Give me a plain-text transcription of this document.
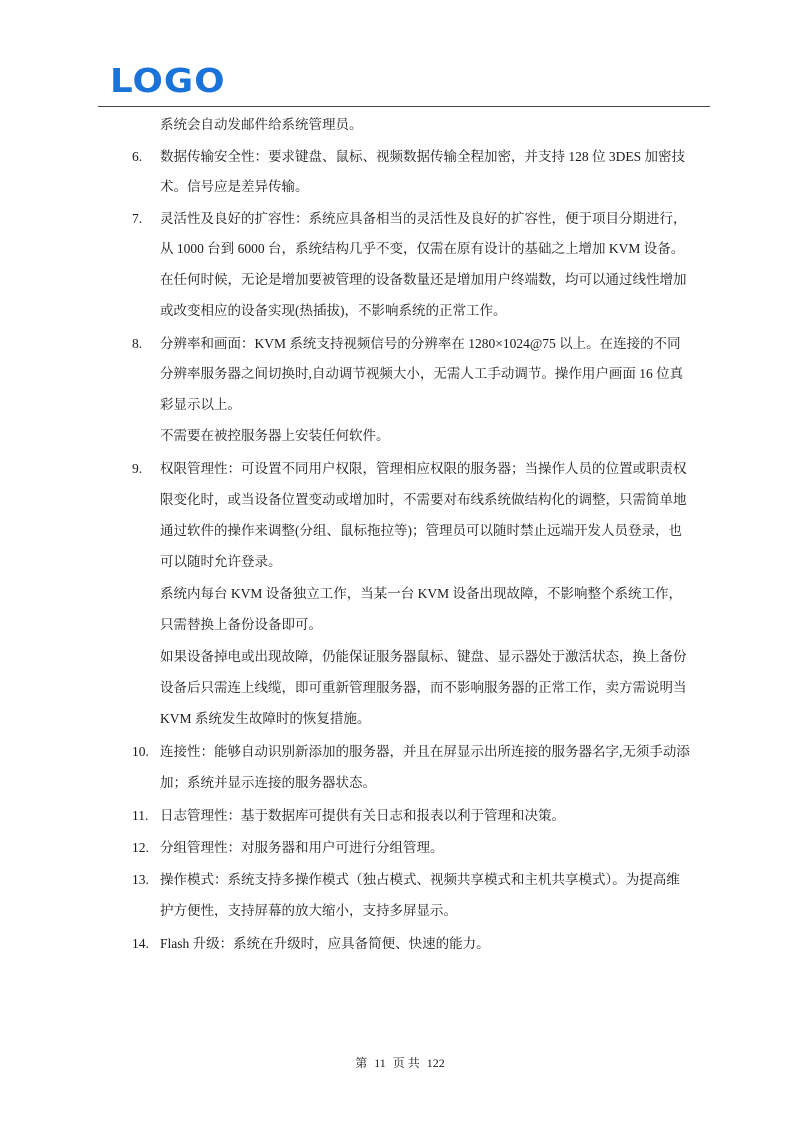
LOGO
系统会自动发邮件给系统管理员。
6.	数据传输安全性：要求键盘、鼠标、视频数据传输全程加密，并支持 128 位 3DES 加密技
术。信号应是差异传输。
7.	灵活性及良好的扩容性：系统应具备相当的灵活性及良好的扩容性，便于项目分期进行，
从 1000 台到 6000 台，系统结构几乎不变，仅需在原有设计的基础之上增加 KVM 设备。
在任何时候，无论是增加要被管理的设备数量还是增加用户终端数，均可以通过线性增加
或改变相应的设备实现(热插拔)，不影响系统的正常工作。
8.	分辨率和画面：KVM 系统支持视频信号的分辨率在 1280×1024@75 以上。在连接的不同
分辨率服务器之间切换时,自动调节视频大小，无需人工手动调节。操作用户画面 16 位真
彩显示以上。
不需要在被控服务器上安装任何软件。
9.	权限管理性：可设置不同用户权限，管理相应权限的服务器；当操作人员的位置或职责权
限变化时，或当设备位置变动或增加时，不需要对布线系统做结构化的调整，只需简单地
通过软件的操作来调整(分组、鼠标拖拉等)；管理员可以随时禁止远端开发人员登录，也
可以随时允许登录。
系统内每台 KVM 设备独立工作，当某一台 KVM 设备出现故障，不影响整个系统工作，
只需替换上备份设备即可。
如果设备掉电或出现故障，仍能保证服务器鼠标、键盘、显示器处于激活状态，换上备份
设备后只需连上线缆，即可重新管理服务器，而不影响服务器的正常工作，卖方需说明当
KVM 系统发生故障时的恢复措施。
10. 连接性：能够自动识别新添加的服务器，并且在屏显示出所连接的服务器名字,无须手动添
加；系统并显示连接的服务器状态。
11. 日志管理性：基于数据库可提供有关日志和报表以利于管理和决策。
12. 分组管理性：对服务器和用户可进行分组管理。
13. 操作模式：系统支持多操作模式（独占模式、视频共享模式和主机共享模式）。为提高维
护方便性，支持屏幕的放大缩小，支持多屏显示。
14. Flash 升级：系统在升级时，应具备简便、快速的能力。
第 11 页 共 122
